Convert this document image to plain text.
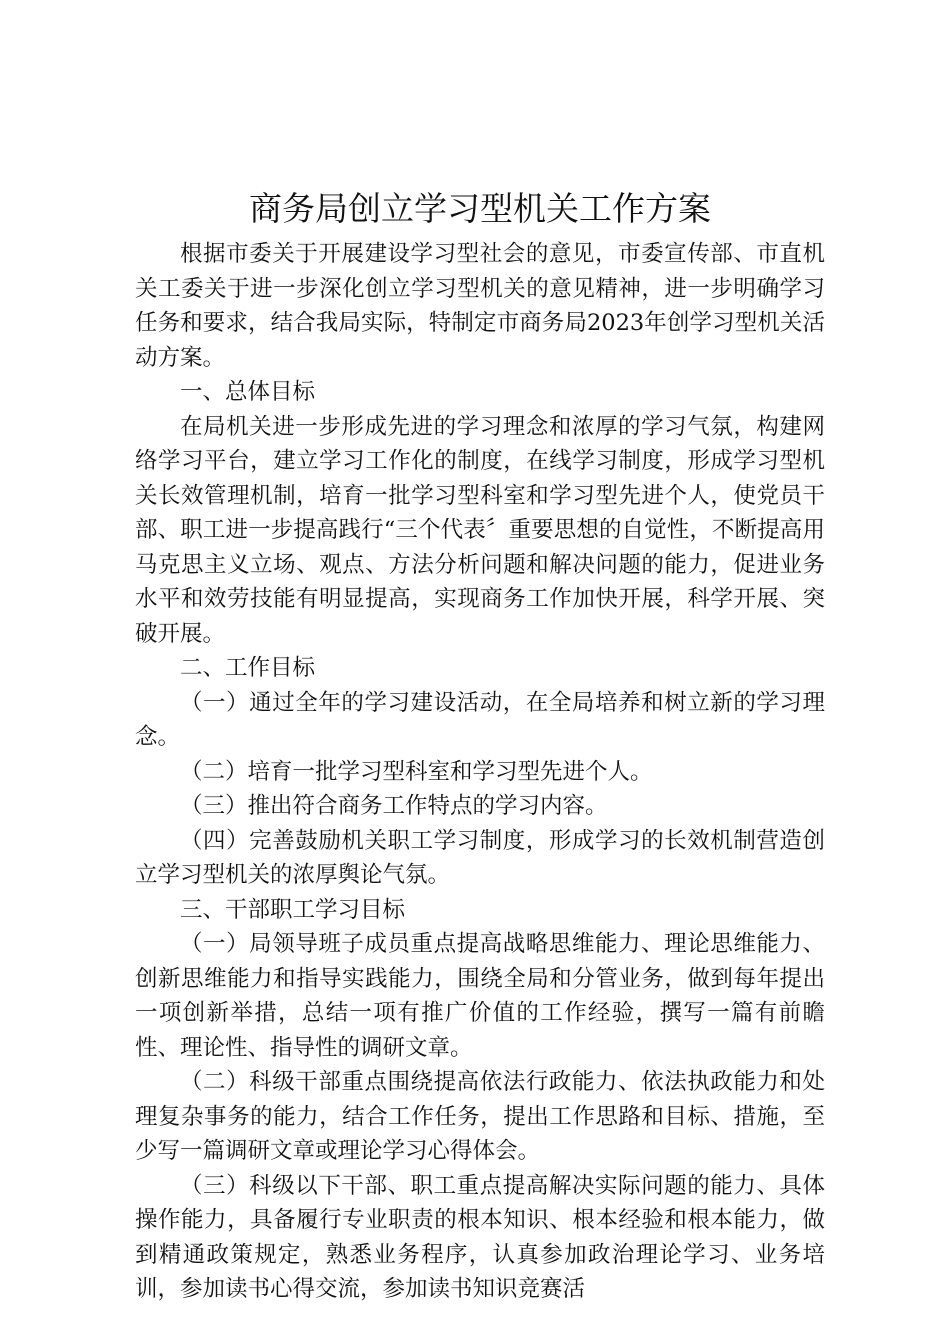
商务局创立学习型机关工作方案

根据市委关于开展建设学习型社会的意见，市委宣传部、市直机关工委关于进一步深化创立学习型机关的意见精神，进一步明确学习任务和要求，结合我局实际，特制定市商务局2023年创学习型机关活动方案。

一、总体目标

在局机关进一步形成先进的学习理念和浓厚的学习气氛，构建网络学习平台，建立学习工作化的制度，在线学习制度，形成学习型机关长效管理机制，培育一批学习型科室和学习型先进个人，使党员干部、职工进一步提高践行“三个代表〞重要思想的自觉性，不断提高用马克思主义立场、观点、方法分析问题和解决问题的能力，促进业务水平和效劳技能有明显提高，实现商务工作加快开展，科学开展、突破开展。

二、工作目标

（一）通过全年的学习建设活动，在全局培养和树立新的学习理念。

（二）培育一批学习型科室和学习型先进个人。

（三）推出符合商务工作特点的学习内容。

（四）完善鼓励机关职工学习制度，形成学习的长效机制营造创立学习型机关的浓厚舆论气氛。

三、干部职工学习目标

（一）局领导班子成员重点提高战略思维能力、理论思维能力、创新思维能力和指导实践能力，围绕全局和分管业务，做到每年提出一项创新举措，总结一项有推广价值的工作经验，撰写一篇有前瞻性、理论性、指导性的调研文章。

（二）科级干部重点围绕提高依法行政能力、依法执政能力和处理复杂事务的能力，结合工作任务，提出工作思路和目标、措施，至少写一篇调研文章或理论学习心得体会。

（三）科级以下干部、职工重点提高解决实际问题的能力、具体操作能力，具备履行专业职责的根本知识、根本经验和根本能力，做到精通政策规定，熟悉业务程序，认真参加政治理论学习、业务培训，参加读书心得交流，参加读书知识竞赛活
